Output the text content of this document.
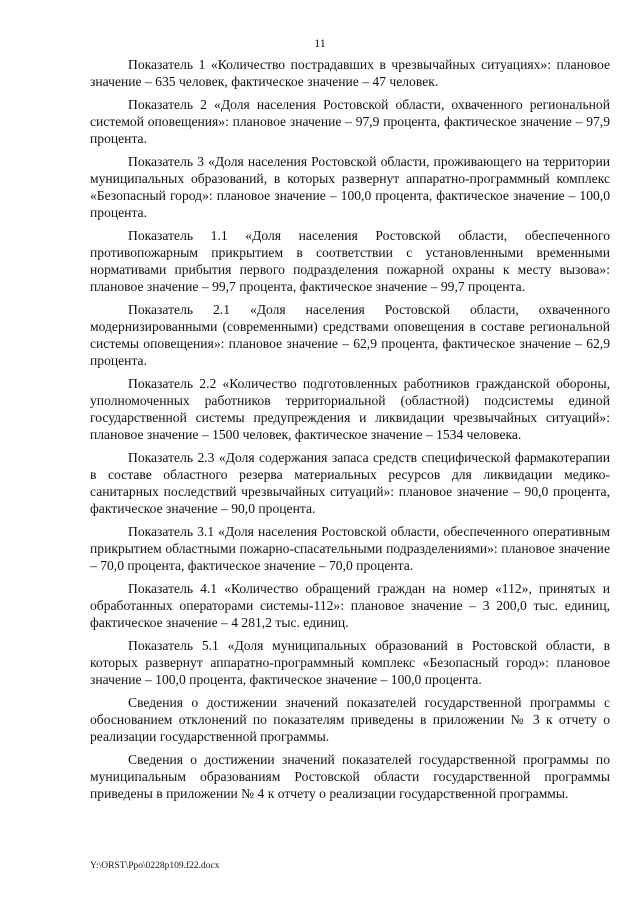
11

Показатель 1 «Количество пострадавших в чрезвычайных ситуациях»: плановое значение – 635 человек, фактическое значение – 47 человек.

Показатель 2 «Доля населения Ростовской области, охваченного региональной системой оповещения»: плановое значение – 97,9 процента, фактическое значение – 97,9 процента.

Показатель 3 «Доля населения Ростовской области, проживающего на территории муниципальных образований, в которых развернут аппаратно-программный комплекс «Безопасный город»: плановое значение – 100,0 процента, фактическое значение – 100,0 процента.

Показатель 1.1 «Доля населения Ростовской области, обеспеченного противопожарным прикрытием в соответствии с установленными временными нормативами прибытия первого подразделения пожарной охраны к месту вызова»: плановое значение – 99,7 процента, фактическое значение – 99,7 процента.

Показатель 2.1 «Доля населения Ростовской области, охваченного модернизированными (современными) средствами оповещения в составе региональной системы оповещения»: плановое значение – 62,9 процента, фактическое значение – 62,9 процента.

Показатель 2.2 «Количество подготовленных работников гражданской обороны, уполномоченных работников территориальной (областной) подсистемы единой государственной системы предупреждения и ликвидации чрезвычайных ситуаций»: плановое значение – 1500 человек, фактическое значение – 1534 человека.

Показатель 2.3 «Доля содержания запаса средств специфической фармакотерапии в составе областного резерва материальных ресурсов для ликвидации медико-санитарных последствий чрезвычайных ситуаций»: плановое значение – 90,0 процента, фактическое значение – 90,0 процента.

Показатель 3.1 «Доля населения Ростовской области, обеспеченного оперативным прикрытием областными пожарно-спасательными подразделениями»: плановое значение – 70,0 процента, фактическое значение – 70,0 процента.

Показатель 4.1 «Количество обращений граждан на номер «112», принятых и обработанных операторами системы-112»: плановое значение – 3 200,0 тыс. единиц, фактическое значение – 4 281,2 тыс. единиц.

Показатель 5.1 «Доля муниципальных образований в Ростовской области, в которых развернут аппаратно-программный комплекс «Безопасный город»: плановое значение – 100,0 процента, фактическое значение – 100,0 процента.

Сведения о достижении значений показателей государственной программы с обоснованием отклонений по показателям приведены в приложении № 3 к отчету о реализации государственной программы.

Сведения о достижении значений показателей государственной программы по муниципальным образованиям Ростовской области государственной программы приведены в приложении № 4 к отчету о реализации государственной программы.

Y:\ORST\Ppo\0228p109.f22.docx
